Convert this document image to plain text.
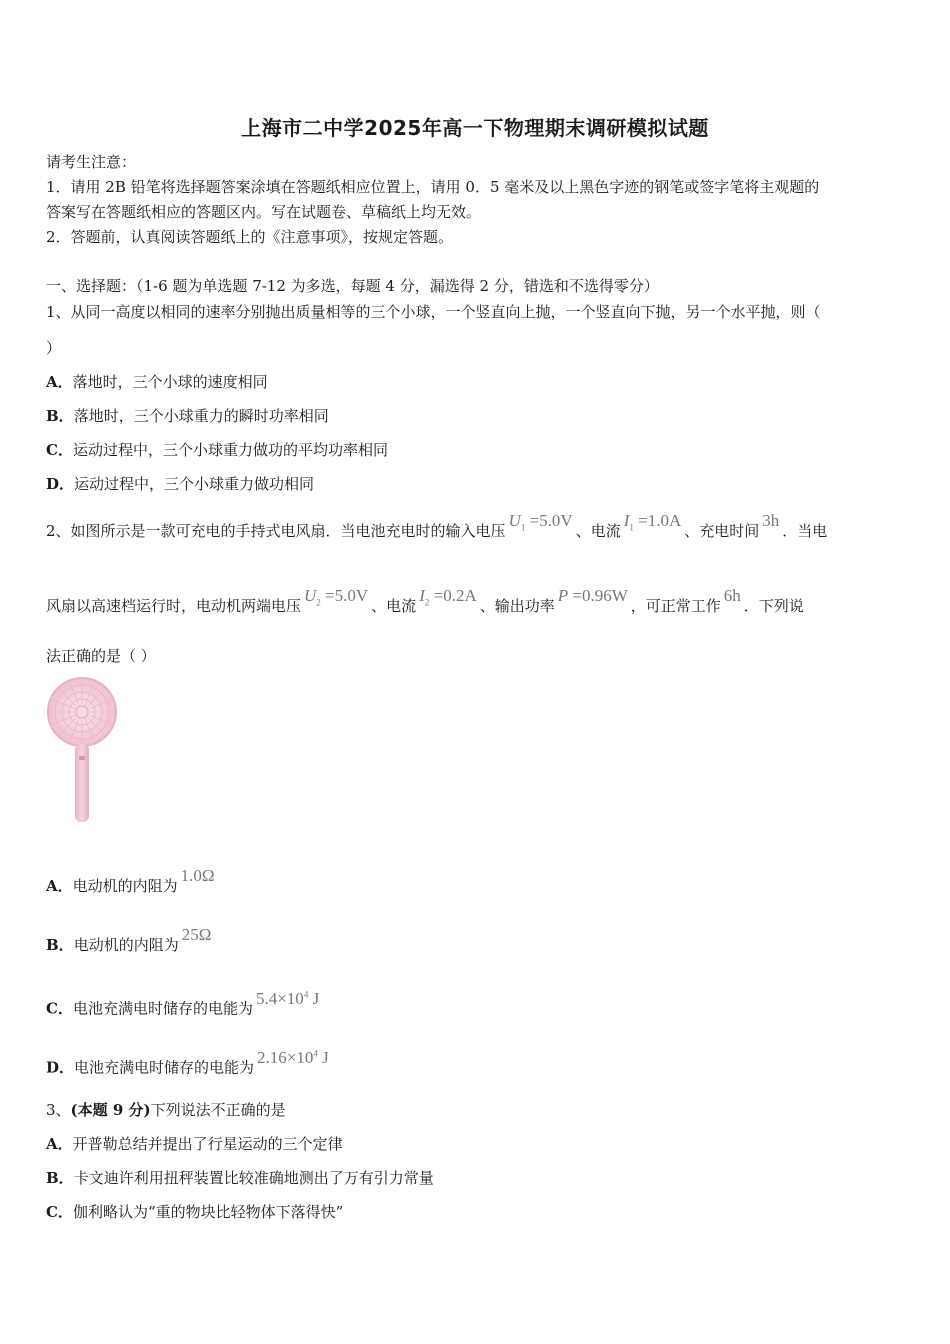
上海市二中学2025年高一下物理期末调研模拟试题
请考生注意：
1．请用 2B 铅笔将选择题答案涂填在答题纸相应位置上，请用 0．5 毫米及以上黑色字迹的钢笔或签字笔将主观题的
答案写在答题纸相应的答题区内。写在试题卷、草稿纸上均无效。
2．答题前，认真阅读答题纸上的《注意事项》，按规定答题。
一、选择题：（1-6 题为单选题 7-12 为多选，每题 4 分，漏选得 2 分，错选和不选得零分）
1、从同一高度以相同的速率分别抛出质量相等的三个小球，一个竖直向上抛，一个竖直向下抛，另一个水平抛，则（
）
A．落地时，三个小球的速度相同
B．落地时，三个小球重力的瞬时功率相同
C．运动过程中，三个小球重力做功的平均功率相同
D．运动过程中，三个小球重力做功相同
2、如图所示是一款可充电的手持式电风扇．当电池充电时的输入电压$U_1 =5.0V$、电流$I_1 =1.0A$、充电时间3h．当电
风扇以高速档运行时，电动机两端电压$U_2 =5.0V$、电流$I_2 =0.2A$、输出功率P =0.96W，可正常工作6h．下列说
法正确的是（ ）
A．电动机的内阻为1.0Ω
B．电动机的内阻为25Ω
C．电池充满电时储存的电能为$5.4\times 10^4$ J
D．电池充满电时储存的电能为$2.16\times 10^4$ J
3、(本题 9 分)下列说法不正确的是
A．开普勒总结并提出了行星运动的三个定律
B．卡文迪许利用扭秤装置比较准确地测出了万有引力常量
C．伽利略认为“重的物块比轻物体下落得快”
